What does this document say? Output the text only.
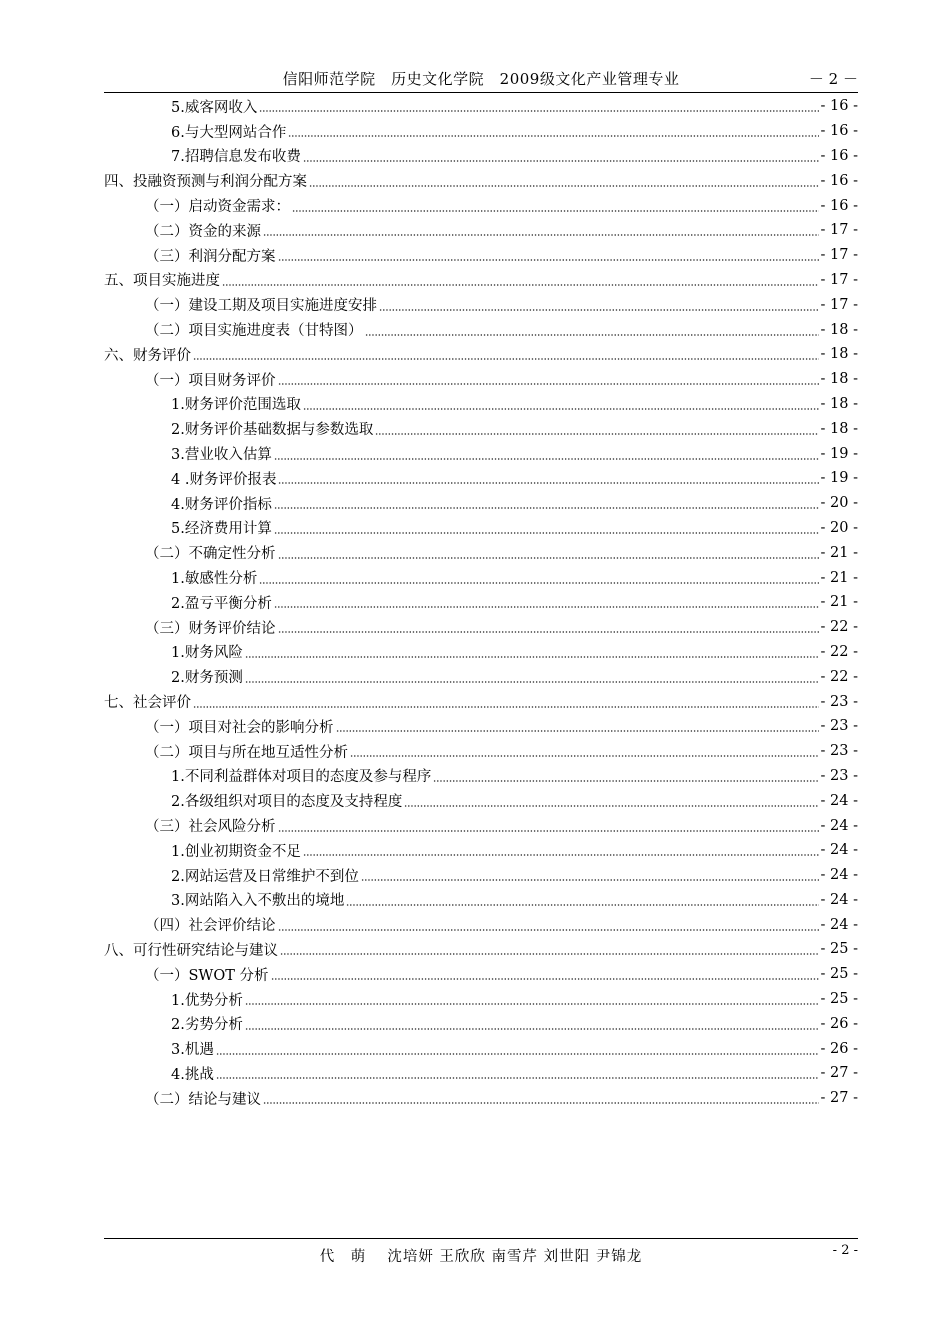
信阳师范学院　历史文化学院　2009级文化产业管理专业	－ 2 －
5.威客网收入	- 16 -
6.与大型网站合作	- 16 -
7.招聘信息发布收费	- 16 -
四、投融资预测与利润分配方案	- 16 -
（一）启动资金需求：	- 16 -
（二）资金的来源	- 17 -
（三）利润分配方案	- 17 -
五、项目实施进度	- 17 -
（一）建设工期及项目实施进度安排	- 17 -
（二）项目实施进度表（甘特图）	- 18 -
六、财务评价	- 18 -
（一）项目财务评价	- 18 -
1.财务评价范围选取	- 18 -
2.财务评价基础数据与参数选取	- 18 -
3.营业收入估算	- 19 -
4 .财务评价报表	- 19 -
4.财务评价指标	- 20 -
5.经济费用计算	- 20 -
（二）不确定性分析	- 21 -
1.敏感性分析	- 21 -
2.盈亏平衡分析	- 21 -
（三）财务评价结论	- 22 -
1.财务风险	- 22 -
2.财务预测	- 22 -
七、社会评价	- 23 -
（一）项目对社会的影响分析	- 23 -
（二）项目与所在地互适性分析	- 23 -
1.不同利益群体对项目的态度及参与程序	- 23 -
2.各级组织对项目的态度及支持程度	- 24 -
（三）社会风险分析	- 24 -
1.创业初期资金不足	- 24 -
2.网站运营及日常维护不到位	- 24 -
3.网站陷入入不敷出的境地	- 24 -
（四）社会评价结论	- 24 -
八、可行性研究结论与建议	- 25 -
（一）SWOT 分析	- 25 -
1.优势分析	- 25 -
2.劣势分析	- 26 -
3.机遇	- 26 -
4.挑战	- 27 -
（二）结论与建议	- 27 -
代　萌　 沈培妍 王欣欣 南雪芹 刘世阳 尹锦龙	- 2 -
